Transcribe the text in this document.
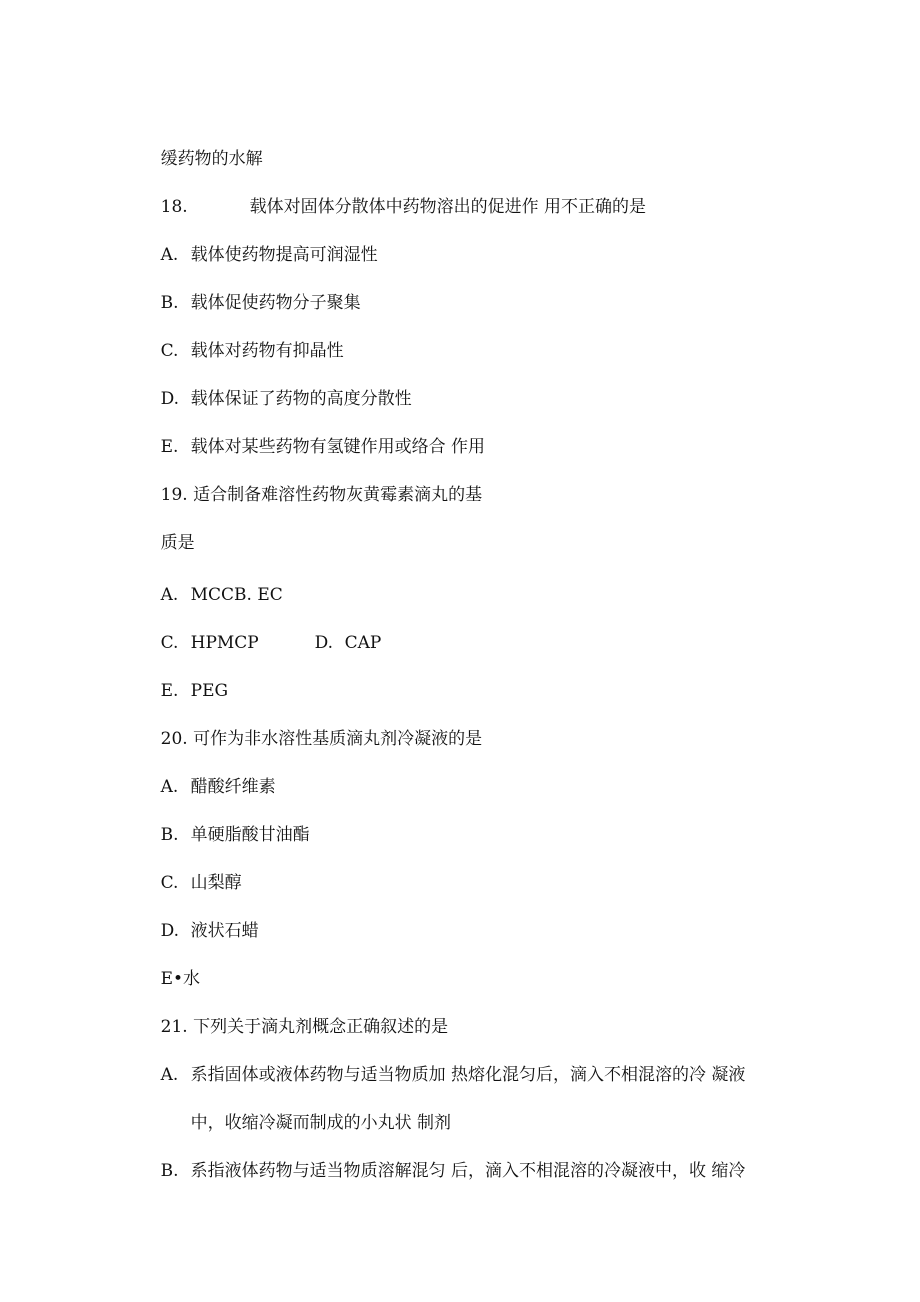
缓药物的水解

18.
	载体对固体分散体中药物溶出的促进作 用不正确的是

A. 载体使药物提高可润湿性

B. 载体促使药物分子聚集

C. 载体对药物有抑晶性

D. 载体保证了药物的高度分散性

E. 载体对某些药物有氢键作用或络合 作用

19. 适合制备难溶性药物灰黄霉素滴丸的基

质是

A. MCCB. EC

C. HPMCP
	D. CAP

E. PEG

20. 可作为非水溶性基质滴丸剂冷凝液的是

A. 醋酸纤维素

B. 单硬脂酸甘油酯

C. 山梨醇

D. 液状石蜡

E•水

21. 下列关于滴丸剂概念正确叙述的是

A. 系指固体或液体药物与适当物质加 热熔化混匀后，滴入不相混溶的冷 凝液

中，收缩冷凝而制成的小丸状 制剂

B. 系指液体药物与适当物质溶解混匀 后，滴入不相混溶的冷凝液中，收 缩冷
